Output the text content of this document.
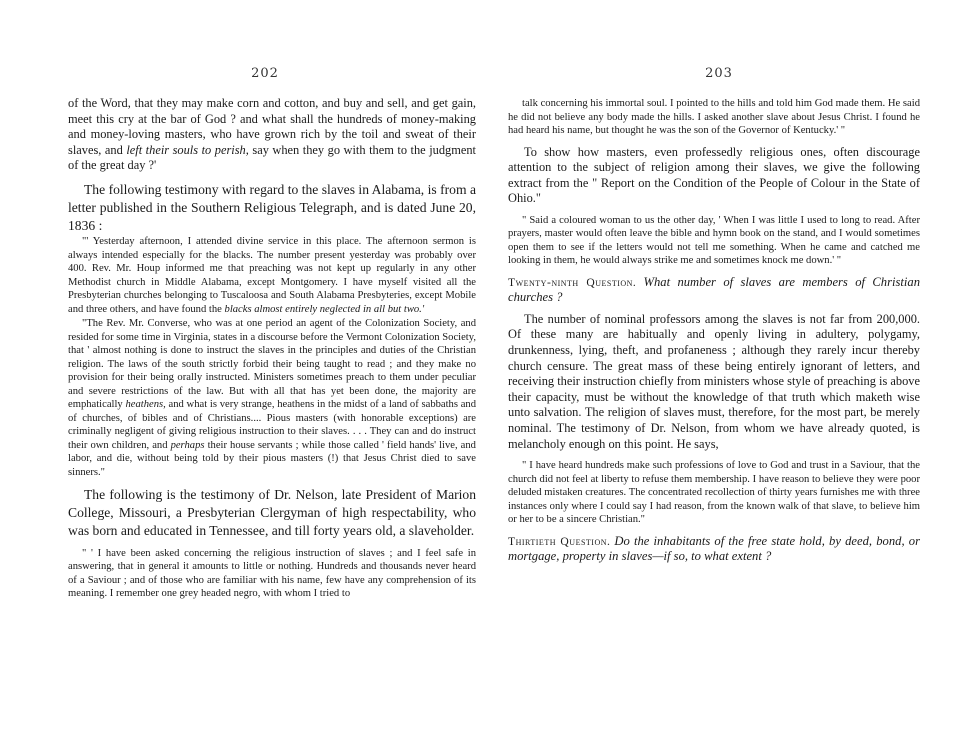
202

of the Word, that they may make corn and cotton, and buy and sell, and get gain, meet this cry at the bar of God ? and what shall the hundreds of money-making and money-loving masters, who have grown rich by the toil and sweat of their slaves, and left their souls to perish, say when they go with them to the judgment of the great day ?'

The following testimony with regard to the slaves in Alabama, is from a letter published in the Southern Religious Telegraph, and is dated June 20, 1836 :

"' Yesterday afternoon, I attended divine service in this place. The afternoon sermon is always intended especially for the blacks. The number present yesterday was probably over 400. Rev. Mr. Houp informed me that preaching was not kept up regularly in any other Methodist church in Middle Alabama, except Montgomery. I have myself visited all the Presbyterian churches belonging to Tuscaloosa and South Alabama Presbyteries, except Mobile and three others, and have found the blacks almost entirely neglected in all but two.'

"The Rev. Mr. Converse, who was at one period an agent of the Colonization Society, and resided for some time in Virginia, states in a discourse before the Vermont Colonization Society, that ' almost nothing is done to instruct the slaves in the principles and duties of the Christian religion. The laws of the south strictly forbid their being taught to read ; and they make no provision for their being orally instructed. Ministers sometimes preach to them under peculiar and severe restrictions of the law. But with all that has yet been done, the majority are emphatically heathens, and what is very strange, heathens in the midst of a land of sabbaths and of churches, of bibles and of Christians.... Pious masters (with honorable exceptions) are criminally negligent of giving religious instruction to their slaves. . . . They can and do instruct their own children, and perhaps their house servants ; while those called ' field hands' live, and labor, and die, without being told by their pious masters (!) that Jesus Christ died to save sinners."

The following is the testimony of Dr. Nelson, late President of Marion College, Missouri, a Presbyterian Clergyman of high respectability, who was born and educated in Tennessee, and till forty years old, a slaveholder.

" ' I have been asked concerning the religious instruction of slaves ; and I feel safe in answering, that in general it amounts to little or nothing. Hundreds and thousands never heard of a Saviour ; and of those who are familiar with his name, few have any comprehension of its meaning. I remember one grey headed negro, with whom I tried to

203

talk concerning his immortal soul. I pointed to the hills and told him God made them. He said he did not believe any body made the hills. I asked another slave about Jesus Christ. I found he had heard his name, but thought he was the son of the Governor of Kentucky.' "

To show how masters, even professedly religious ones, often discourage attention to the subject of religion among their slaves, we give the following extract from the " Report on the Condition of the People of Colour in the State of Ohio."

" Said a coloured woman to us the other day, ' When I was little I used to long to read. After prayers, master would often leave the bible and hymn book on the stand, and I would sometimes open them to see if the letters would not tell me something. When he came and catched me looking in them, he would always strike me and sometimes knock me down.' "

Twenty-ninth Question. What number of slaves are members of Christian churches ?

The number of nominal professors among the slaves is not far from 200,000. Of these many are habitually and openly living in adultery, polygamy, drunkenness, lying, theft, and profaneness ; although they rarely incur thereby church censure. The great mass of these being entirely ignorant of letters, and receiving their instruction chiefly from ministers whose style of preaching is above their capacity, must be without the knowledge of that truth which maketh wise unto salvation. The religion of slaves must, therefore, for the most part, be merely nominal. The testimony of Dr. Nelson, from whom we have already quoted, is melancholy enough on this point. He says,

" I have heard hundreds make such professions of love to God and trust in a Saviour, that the church did not feel at liberty to refuse them membership. I have reason to believe they were poor deluded mistaken creatures. The concentrated recollection of thirty years furnishes me with three instances only where I could say I had reason, from the known walk of that slave, to believe him or her to be a sincere Christian."

Thirtieth Question. Do the inhabitants of the free state hold, by deed, bond, or mortgage, property in slaves—if so, to what extent ?
